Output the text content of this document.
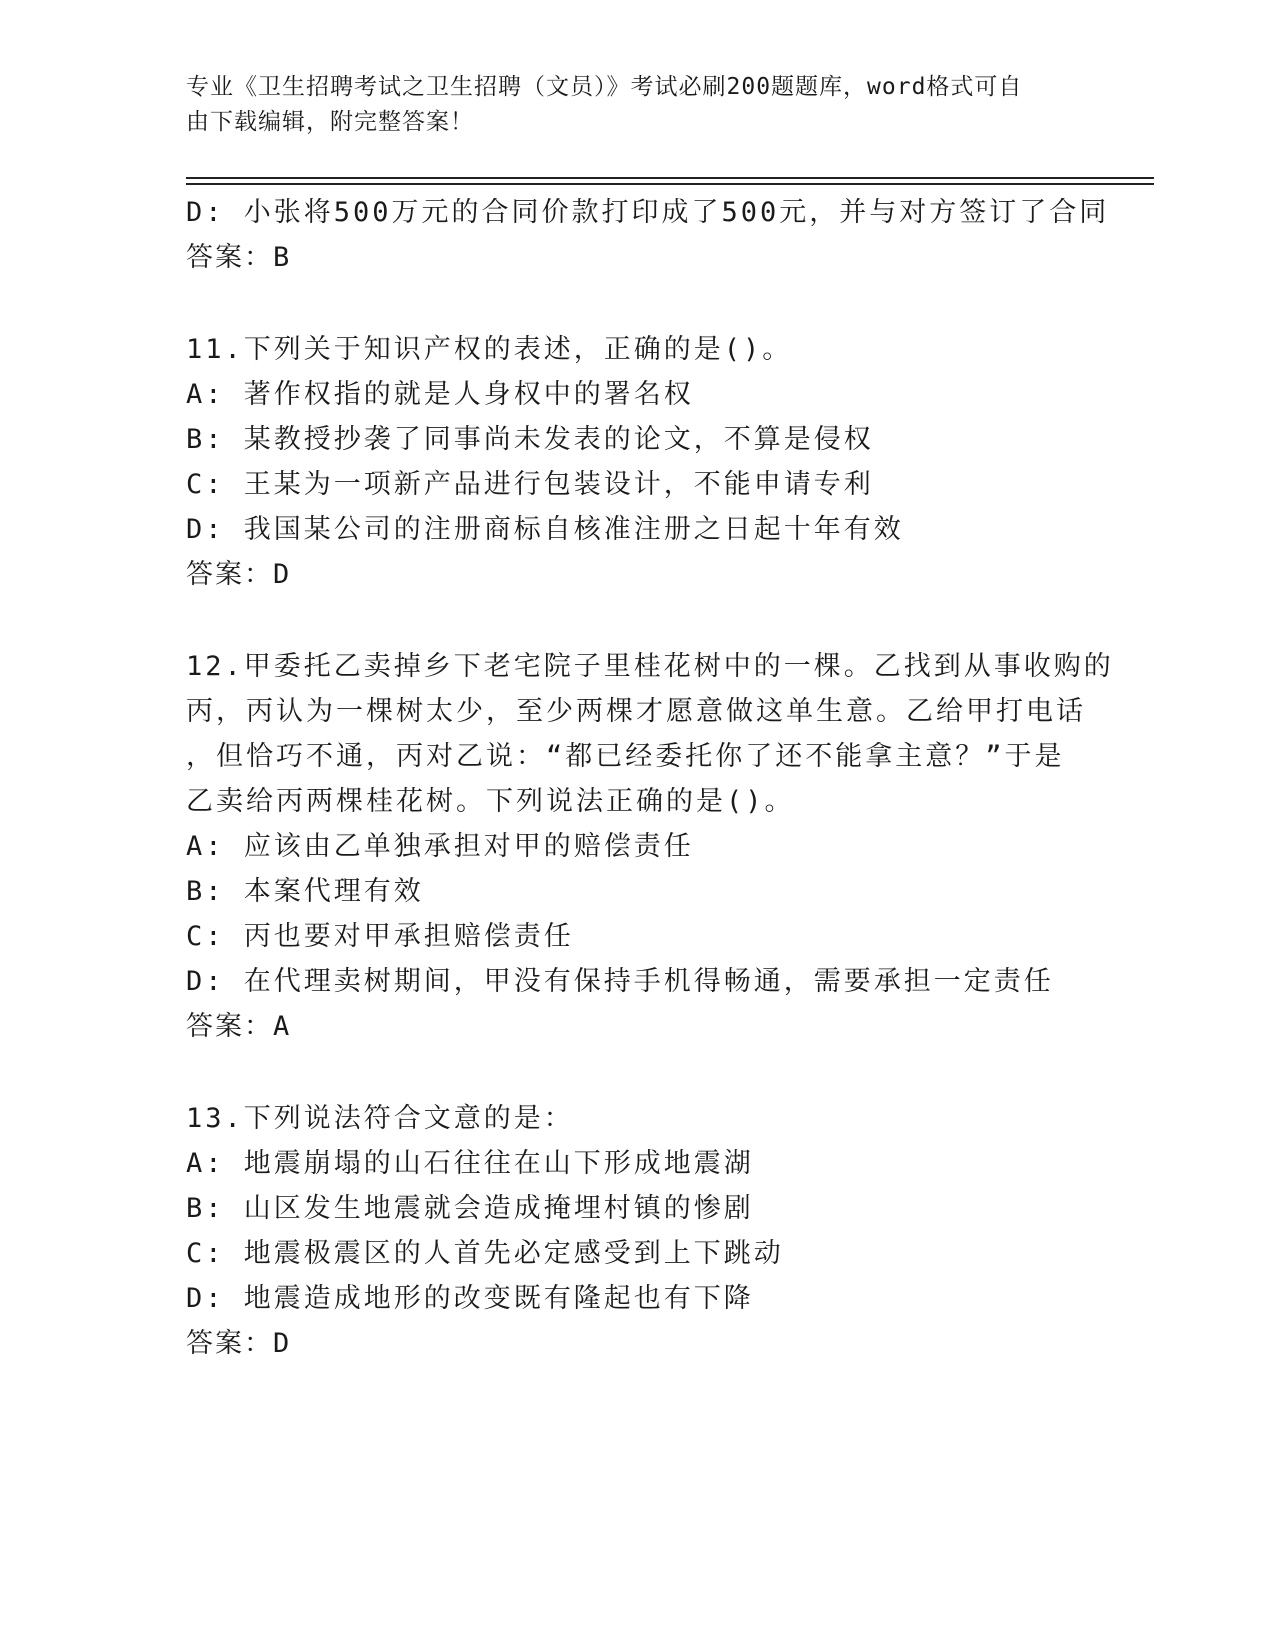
专业《卫生招聘考试之卫生招聘（文员）》考试必刷200题题库，word格式可自
由下载编辑，附完整答案！
D: 小张将500万元的合同价款打印成了500元，并与对方签订了合同
答案：B
11.下列关于知识产权的表述，正确的是()。
A: 著作权指的就是人身权中的署名权
B: 某教授抄袭了同事尚未发表的论文，不算是侵权
C: 王某为一项新产品进行包装设计，不能申请专利
D: 我国某公司的注册商标自核准注册之日起十年有效
答案：D
12.甲委托乙卖掉乡下老宅院子里桂花树中的一棵。乙找到从事收购的
丙，丙认为一棵树太少，至少两棵才愿意做这单生意。乙给甲打电话
，但恰巧不通，丙对乙说：“都已经委托你了还不能拿主意？”于是
乙卖给丙两棵桂花树。下列说法正确的是()。
A: 应该由乙单独承担对甲的赔偿责任
B: 本案代理有效
C: 丙也要对甲承担赔偿责任
D: 在代理卖树期间，甲没有保持手机得畅通，需要承担一定责任
答案：A
13.下列说法符合文意的是：
A: 地震崩塌的山石往往在山下形成地震湖
B: 山区发生地震就会造成掩埋村镇的惨剧
C: 地震极震区的人首先必定感受到上下跳动
D: 地震造成地形的改变既有隆起也有下降
答案：D
